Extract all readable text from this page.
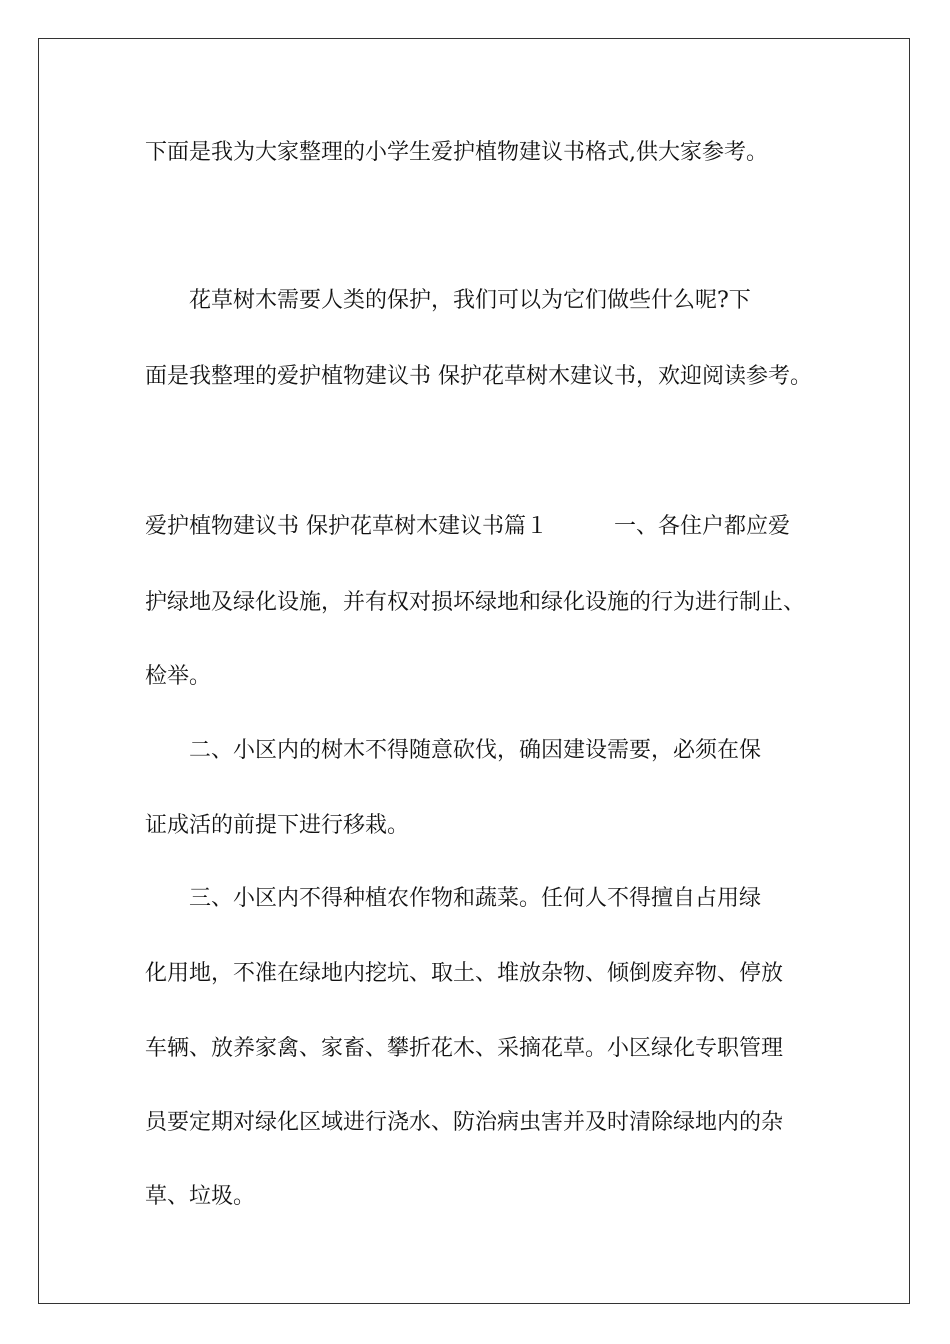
下面是我为大家整理的小学生爱护植物建议书格式,供大家参考。
　　花草树木需要人类的保护，我们可以为它们做些什么呢?下
面是我整理的爱护植物建议书 保护花草树木建议书，欢迎阅读参考。
爱护植物建议书 保护花草树木建议书篇１　　　一、各住户都应爱
护绿地及绿化设施，并有权对损坏绿地和绿化设施的行为进行制止、
检举。
　　二、小区内的树木不得随意砍伐，确因建设需要，必须在保
证成活的前提下进行移栽。
　　三、小区内不得种植农作物和蔬菜。任何人不得擅自占用绿
化用地，不准在绿地内挖坑、取土、堆放杂物、倾倒废弃物、停放
车辆、放养家禽、家畜、攀折花木、采摘花草。小区绿化专职管理
员要定期对绿化区域进行浇水、防治病虫害并及时清除绿地内的杂
草、垃圾。
